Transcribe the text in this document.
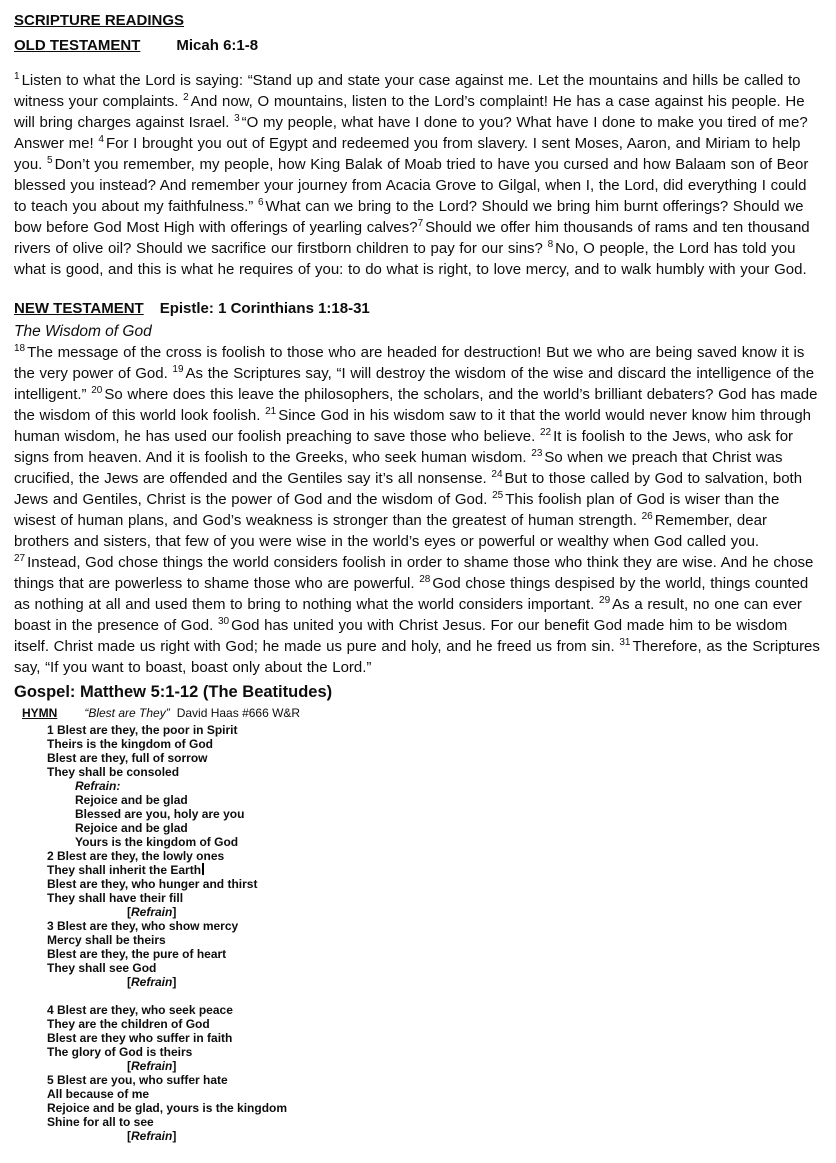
SCRIPTURE READINGS
OLD TESTAMENT Micah 6:1-8

$^1$ Listen to what the Lord is saying: “Stand up and state your case against me. Let the mountains and hills be called to witness your complaints. $^2$ And now, O mountains, listen to the Lord’s complaint! He has a case against his people. He will bring charges against Israel. $^3$ “O my people, what have I done to you? What have I done to make you tired of me? Answer me! $^4$ For I brought you out of Egypt and redeemed you from slavery. I sent Moses, Aaron, and Miriam to help you. $^5$ Don’t you remember, my people, how King Balak of Moab tried to have you cursed and how Balaam son of Beor blessed you instead? And remember your journey from Acacia Grove to Gilgal, when I, the Lord, did everything I could to teach you about my faithfulness.” $^6$ What can we bring to the Lord? Should we bring him burnt offerings? Should we bow before God Most High with offerings of yearling calves?$^7$ Should we offer him thousands of rams and ten thousand rivers of olive oil? Should we sacrifice our firstborn children to pay for our sins? $^8$ No, O people, the Lord has told you what is good, and this is what he requires of you: to do what is right, to love mercy, and to walk humbly with your God.

NEW TESTAMENT Epistle: 1 Corinthians 1:18-31
The Wisdom of God

$^{18}$ The message of the cross is foolish to those who are headed for destruction! But we who are being saved know it is the very power of God. $^{19}$ As the Scriptures say, “I will destroy the wisdom of the wise and discard the intelligence of the intelligent.” $^{20}$ So where does this leave the philosophers, the scholars, and the world’s brilliant debaters? God has made the wisdom of this world look foolish. $^{21}$ Since God in his wisdom saw to it that the world would never know him through human wisdom, he has used our foolish preaching to save those who believe. $^{22}$ It is foolish to the Jews, who ask for signs from heaven. And it is foolish to the Greeks, who seek human wisdom. $^{23}$ So when we preach that Christ was crucified, the Jews are offended and the Gentiles say it’s all nonsense. $^{24}$ But to those called by God to salvation, both Jews and Gentiles, Christ is the power of God and the wisdom of God. $^{25}$ This foolish plan of God is wiser than the wisest of human plans, and God’s weakness is stronger than the greatest of human strength. $^{26}$ Remember, dear brothers and sisters, that few of you were wise in the world’s eyes or powerful or wealthy when God called you. $^{27}$ Instead, God chose things the world considers foolish in order to shame those who think they are wise. And he chose things that are powerless to shame those who are powerful. $^{28}$ God chose things despised by the world, things counted as nothing at all and used them to bring to nothing what the world considers important. $^{29}$ As a result, no one can ever boast in the presence of God. $^{30}$ God has united you with Christ Jesus. For our benefit God made him to be wisdom itself. Christ made us right with God; he made us pure and holy, and he freed us from sin. $^{31}$ Therefore, as the Scriptures say, “If you want to boast, boast only about the Lord.”

Gospel: Matthew 5:1-12 (The Beatitudes)
HYMN “Blest are They” David Haas #666 W&R
1 Blest are they, the poor in Spirit
Theirs is the kingdom of God
Blest are they, full of sorrow
They shall be consoled
Refrain:
Rejoice and be glad
Blessed are you, holy are you
Rejoice and be glad
Yours is the kingdom of God
2 Blest are they, the lowly ones
They shall inherit the Earth
Blest are they, who hunger and thirst
They shall have their fill
[Refrain]
3 Blest are they, who show mercy
Mercy shall be theirs
Blest are they, the pure of heart
They shall see God
[Refrain]

4 Blest are they, who seek peace
They are the children of God
Blest are they who suffer in faith
The glory of God is theirs
[Refrain]
5 Blest are you, who suffer hate
All because of me
Rejoice and be glad, yours is the kingdom
Shine for all to see
[Refrain]
